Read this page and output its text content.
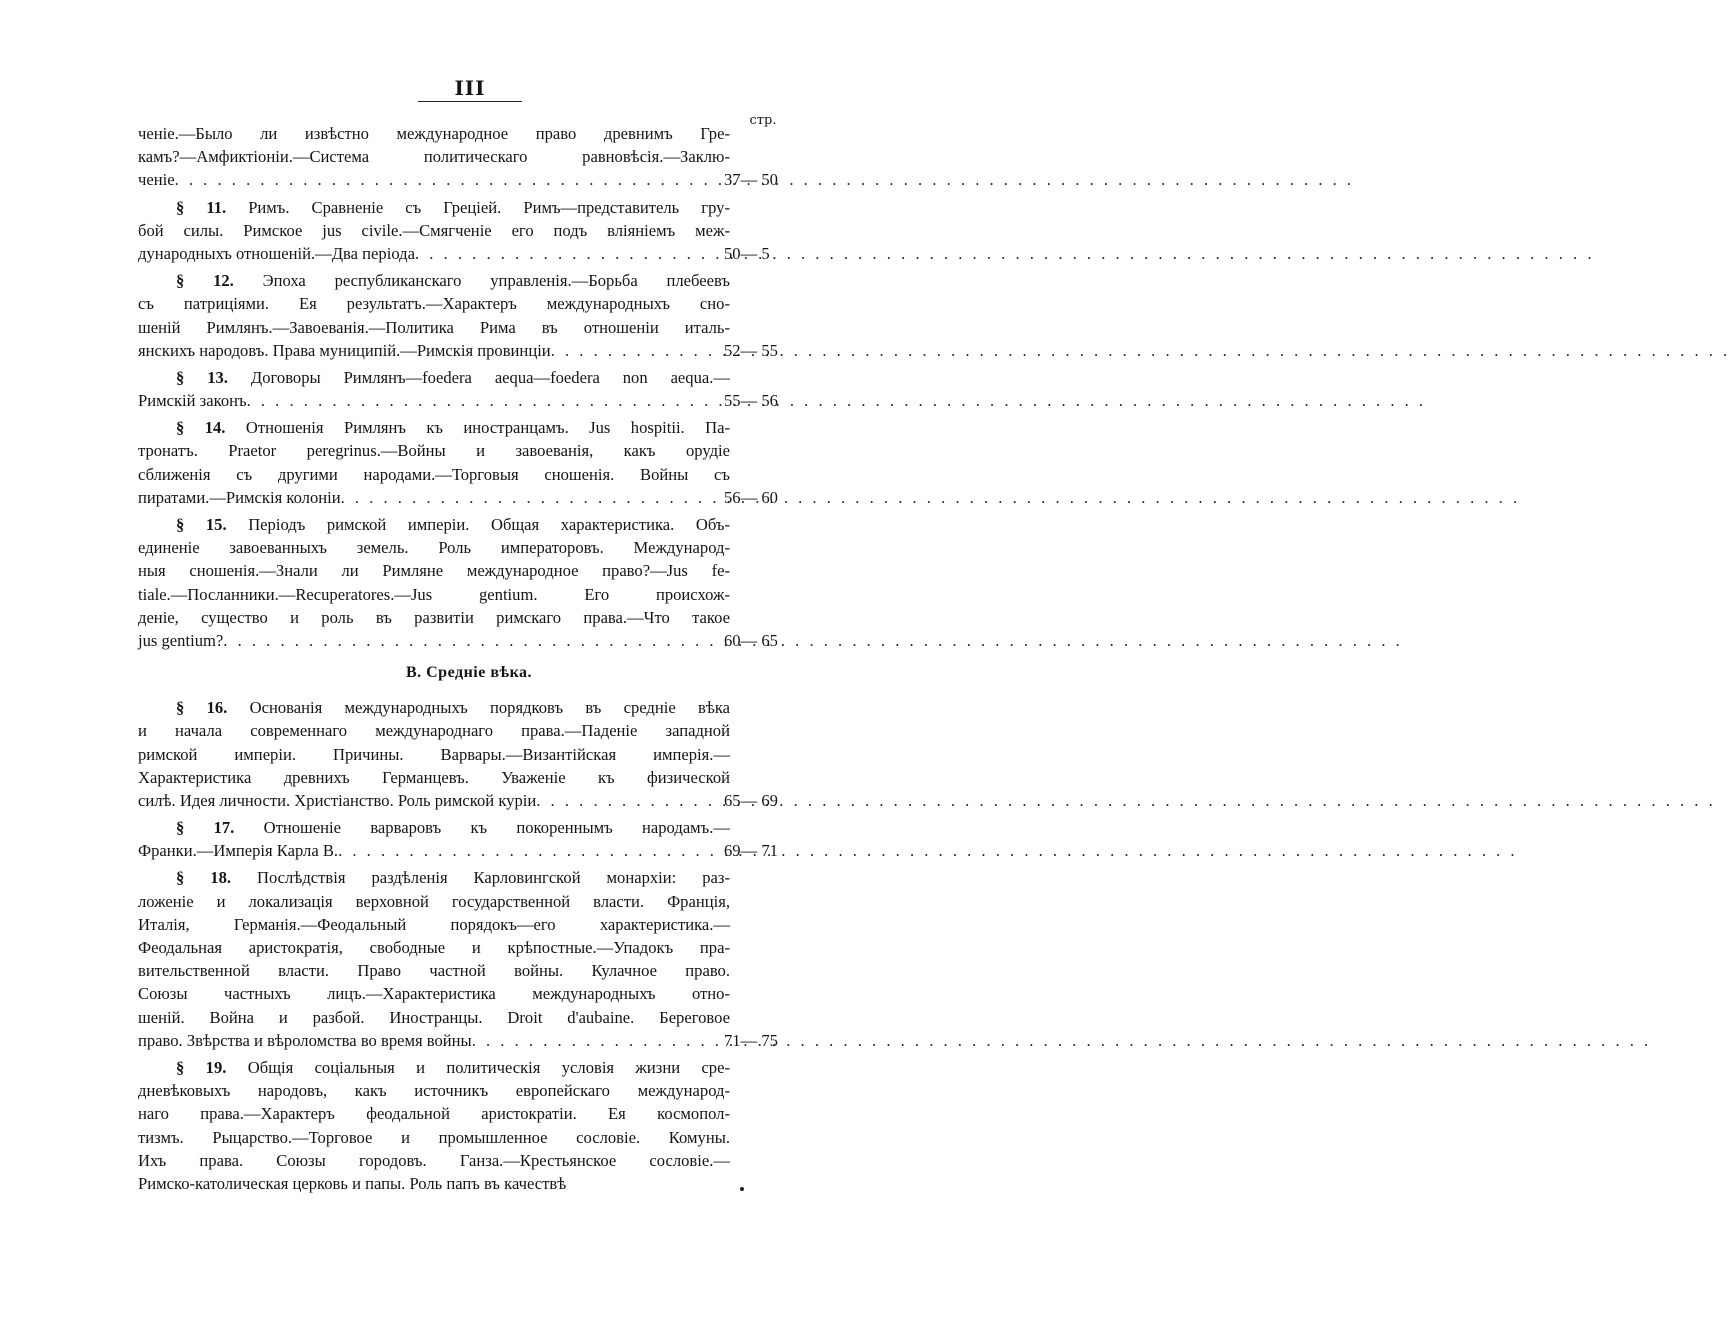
III
стр.
ченіе.—Было ли извѣстно международное право древнимъ Гре-
камъ?—Амфиктіоніи.—Система политическаго равновѣсія.—Заклю-
ченіе . . .	37— 50
§ 11. Римъ. Сравненіе съ Греціей. Римъ—представитель гру-
бой силы. Римское jus civile.—Смягченіе его подъ вліяніемъ меж-
дународныхъ отношеній.—Два періода . . .	50— 5
§ 12. Эпоха республиканскаго управленія.—Борьба плебеевъ
съ патриціями. Ея результатъ.—Характеръ международныхъ сно-
шеній Римлянъ.—Завоеванія.—Политика Рима въ отношеніи италь-
янскихъ народовъ. Права муниципій.—Римскія провинціи . . .	52— 55
§ 13. Договоры Римлянъ—foedera aequa—foedera non aequa.—
Римскій законъ . . .	55— 56
§ 14. Отношенія Римлянъ къ иностранцамъ. Jus hospitii. Па-
тронатъ. Praetor peregrinus.—Войны и завоеванія, какъ орудіе
сближенія съ другими народами.—Торговыя сношенія. Войны съ
пиратами.—Римскія колоніи . . .	56— 60
§ 15. Періодъ римской имперіи. Общая характеристика. Объ-
единеніе завоеванныхъ земель. Роль императоровъ. Международ-
ныя сношенія.—Знали ли Римляне международное право?—Jus fe-
tiale.—Посланники.—Recuperatores.—Jus gentium. Его происхож-
деніе, существо и роль въ развитіи римскаго права.—Что такое
jus gentium? . . .	60— 65
В. Средніе вѣка.
§ 16. Основанія международныхъ порядковъ въ средніе вѣка
и начала современнаго международнаго права.—Паденіе западной
римской имперіи. Причины. Варвары.—Византійская имперія.—
Характеристика древнихъ Германцевъ. Уваженіе къ физической
силѣ. Идея личности. Христіанство. Роль римской куріи . . .	65— 69
§ 17. Отношеніе варваровъ къ покореннымъ народамъ.—
Франки.—Имперія Карла В. . . .	69— 71
§ 18. Послѣдствія раздѣленія Карловингской монархіи: раз-
ложеніе и локализація верховной государственной власти. Франція,
Италія, Германія.—Феодальный порядокъ—его характеристика.—
Феодальная аристократія, свободные и крѣпостные.—Упадокъ пра-
вительственной власти. Право частной войны. Кулачное право.
Союзы частныхъ лицъ.—Характеристика международныхъ отно-
шеній. Война и разбой. Иностранцы. Droit d'aubaine. Береговое
право. Звѣрства и вѣроломства во время войны . . .	71— 75
§ 19. Общія соціальныя и политическія условія жизни сре-
дневѣковыхъ народовъ, какъ источникъ европейскаго международ-
наго права.—Характеръ феодальной аристократіи. Ея космопол-
тизмъ. Рыцарство.—Торговое и промышленное сословіе. Комуны.
Ихъ права. Союзы городовъ. Ганза.—Крестьянское сословіе.—
Римско-католическая церковь и папы. Роль папъ въ качествѣ
